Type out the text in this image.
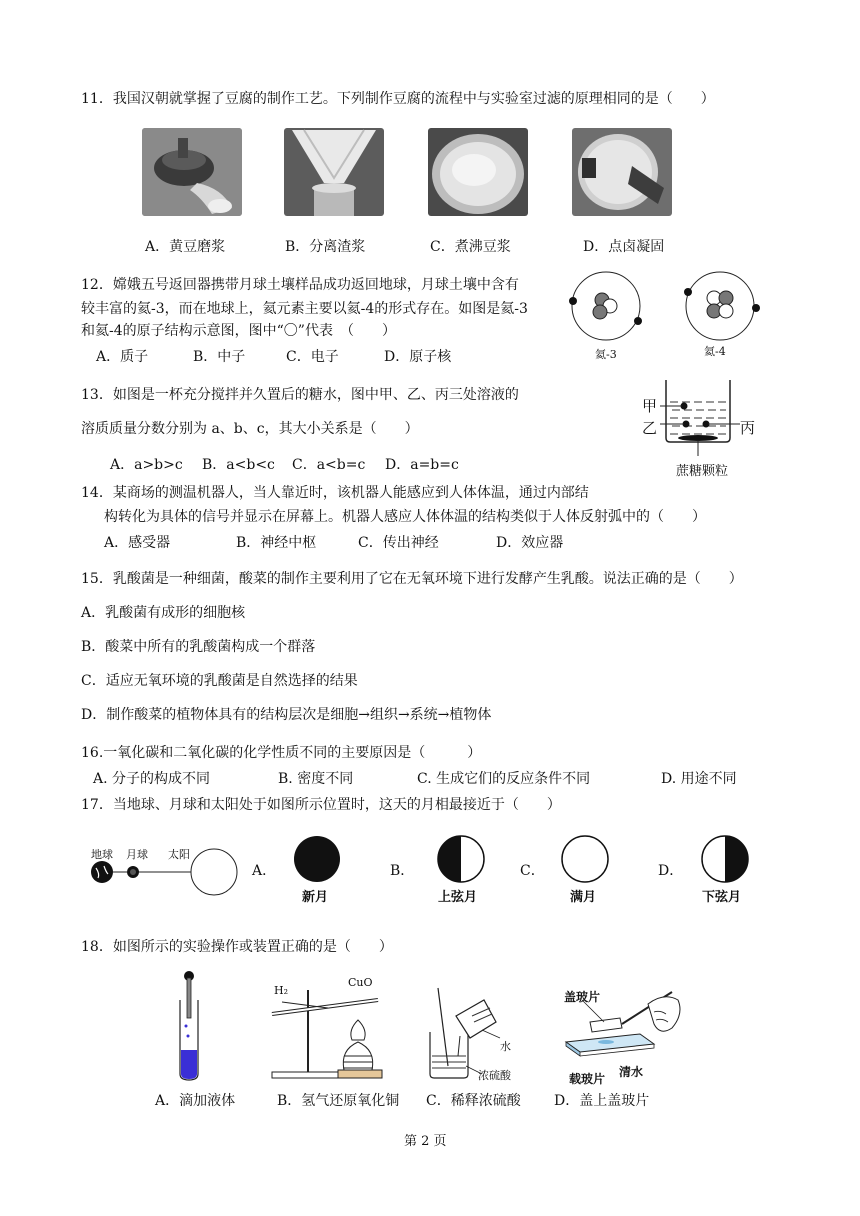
11．我国汉朝就掌握了豆腐的制作工艺。下列制作豆腐的流程中与实验室过滤的原理相同的是（　　）
A．黄豆磨浆	B．分离渣浆	C．煮沸豆浆	D．点卤凝固
12．嫦娥五号返回器携带月球土壤样品成功返回地球，月球土壤中含有
较丰富的氦-3，而在地球上，氦元素主要以氦-4的形式存在。如图是氦-3
和氦-4的原子结构示意图，图中“〇”代表　（　　）
A．质子	B．中子	C．电子	D．原子核	氦-3	氦-4
13．如图是一杯充分搅拌并久置后的糖水，图中甲、乙、丙三处溶液的
溶质质量分数分别为 a、b、c，其大小关系是（　　）
A．a>b>c B．a<b<c C．a<b=c D．a=b=c
甲
乙	丙
蔗糖颗粒
14．某商场的测温机器人，当人靠近时，该机器人能感应到人体体温，通过内部结
构转化为具体的信号并显示在屏幕上。机器人感应人体体温的结构类似于人体反射弧中的（　　）
A．感受器	B．神经中枢	C．传出神经	D．效应器
15．乳酸菌是一种细菌，酸菜的制作主要利用了它在无氧环境下进行发酵产生乳酸。说法正确的是（　　）
A．乳酸菌有成形的细胞核
B．酸菜中所有的乳酸菌构成一个群落
C．适应无氧环境的乳酸菌是自然选择的结果
D．制作酸菜的植物体具有的结构层次是细胞→组织→系统→植物体
16.一氧化碳和二氧化碳的化学性质不同的主要原因是（　　　）
A. 分子的构成不同	B. 密度不同	C. 生成它们的反应条件不同	D. 用途不同
17．当地球、月球和太阳处于如图所示位置时，这天的月相最接近于（　　）
地球 月球 太阳
A．
新月
B．
上弦月
C．
满月
D．
下弦月
18．如图所示的实验操作或装置正确的是（　　）
H₂
CuO
水
浓硫酸
盖玻片
载玻片 清水
A．滴加液体	B．氢气还原氧化铜 C．稀释浓硫酸 D．盖上盖玻片
第 2 页
